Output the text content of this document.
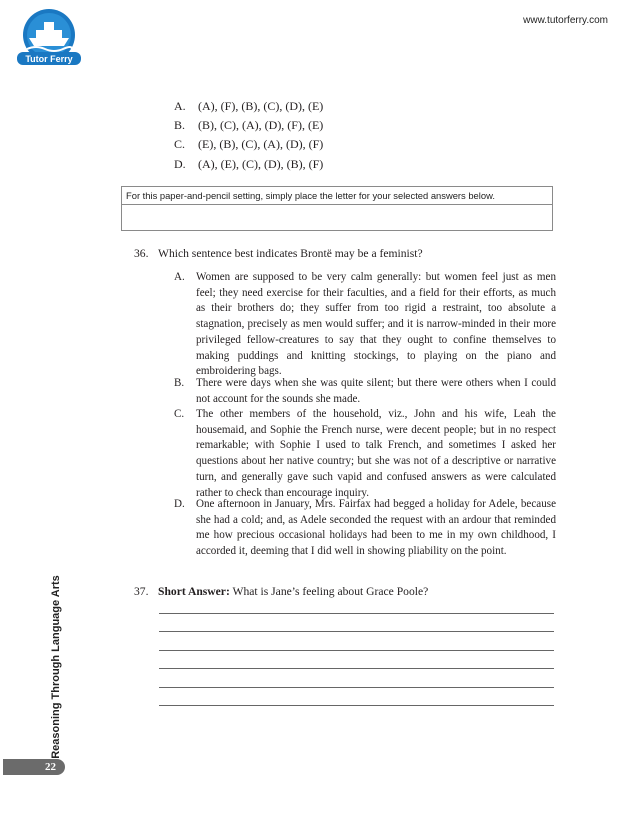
Tutor Ferry
www.tutorferry.com
A. (A), (F), (B), (C), (D), (E)
B. (B), (C), (A), (D), (F), (E)
C. (E), (B), (C), (A), (D), (F)
D. (A), (E), (C), (D), (B), (F)
For this paper-and-pencil setting, simply place the letter for your selected answers below.
36. Which sentence best indicates Brontë may be a feminist?
A. Women are supposed to be very calm generally: but women feel just as men feel; they need exercise for their faculties, and a field for their efforts, as much as their brothers do; they suffer from too rigid a restraint, too absolute a stagnation, precisely as men would suffer; and it is narrow-minded in their more privileged fellow-creatures to say that they ought to confine themselves to making puddings and knitting stockings, to playing on the piano and embroidering bags.
B. There were days when she was quite silent; but there were others when I could not account for the sounds she made.
C. The other members of the household, viz., John and his wife, Leah the housemaid, and Sophie the French nurse, were decent people; but in no respect remarkable; with Sophie I used to talk French, and sometimes I asked her questions about her native country; but she was not of a descriptive or narrative turn, and generally gave such vapid and confused answers as were calculated rather to check than encourage inquiry.
D. One afternoon in January, Mrs. Fairfax had begged a holiday for Adele, because she had a cold; and, as Adele seconded the request with an ardour that reminded me how precious occasional holidays had been to me in my own childhood, I accorded it, deeming that I did well in showing pliability on the point.
37. Short Answer: What is Jane’s feeling about Grace Poole?
Reasoning Through Language Arts
22
